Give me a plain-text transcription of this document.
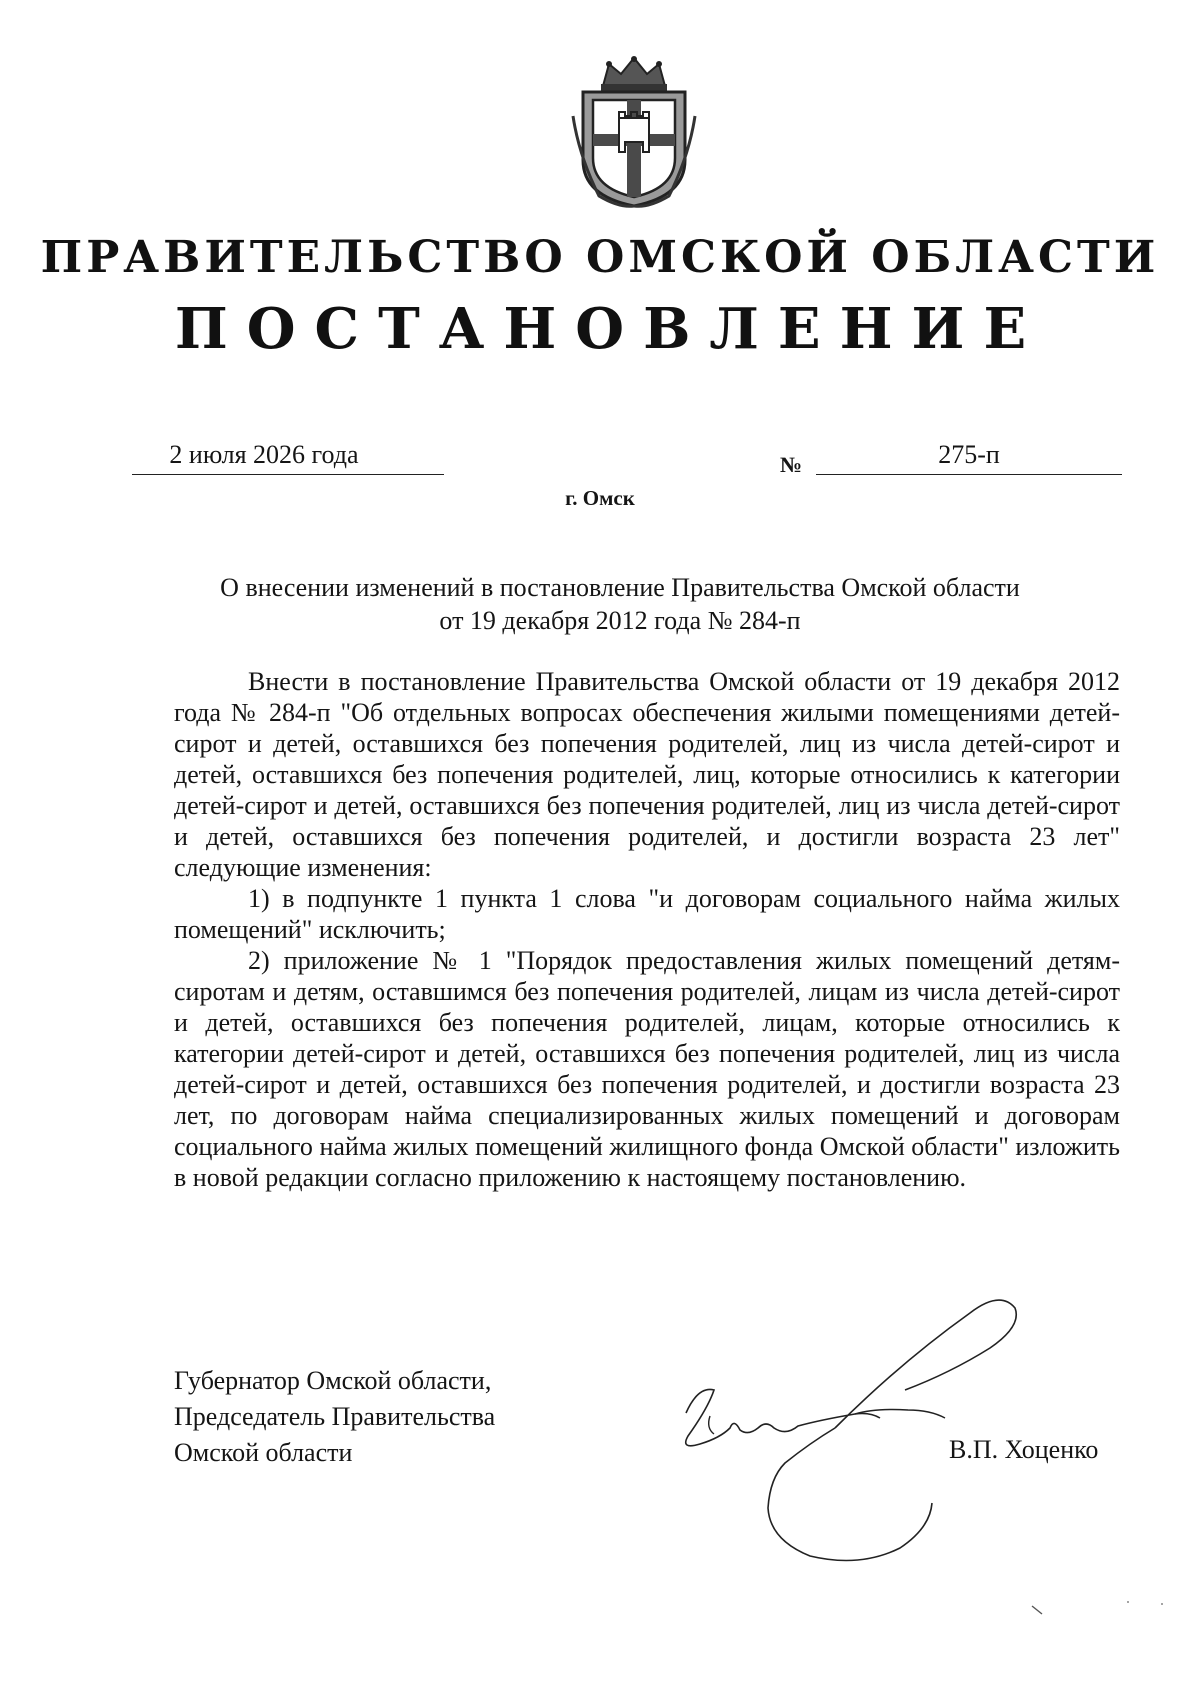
ПРАВИТЕЛЬСТВО ОМСКОЙ ОБЛАСТИ
ПОСТАНОВЛЕНИЕ
2 июля 2026 года	№	275-п
г. Омск
О внесении изменений в постановление Правительства Омской области
от 19 декабря 2012 года № 284-п

Внести в постановление Правительства Омской области от 19 декабря 2012 года № 284-п "Об отдельных вопросах обеспечения жилыми помещениями детей-сирот и детей, оставшихся без попечения родителей, лиц из числа детей-сирот и детей, оставшихся без попечения родителей, лиц, которые относились к категории детей-сирот и детей, оставшихся без попечения родителей, лиц из числа детей-сирот и детей, оставшихся без попечения родителей, и достигли возраста 23 лет" следующие изменения:

1) в подпункте 1 пункта 1 слова "и договорам социального найма жилых помещений" исключить;

2) приложение № 1 "Порядок предоставления жилых помещений детям-сиротам и детям, оставшимся без попечения родителей, лицам из числа детей-сирот и детей, оставшихся без попечения родителей, лицам, которые относились к категории детей-сирот и детей, оставшихся без попечения родителей, лиц из числа детей-сирот и детей, оставшихся без попечения родителей, и достигли возраста 23 лет, по договорам найма специализированных жилых помещений и договорам социального найма жилых помещений жилищного фонда Омской области" изложить в новой редакции согласно приложению к настоящему постановлению.

Губернатор Омской области,
Председатель Правительства
Омской области	В.П. Хоценко
